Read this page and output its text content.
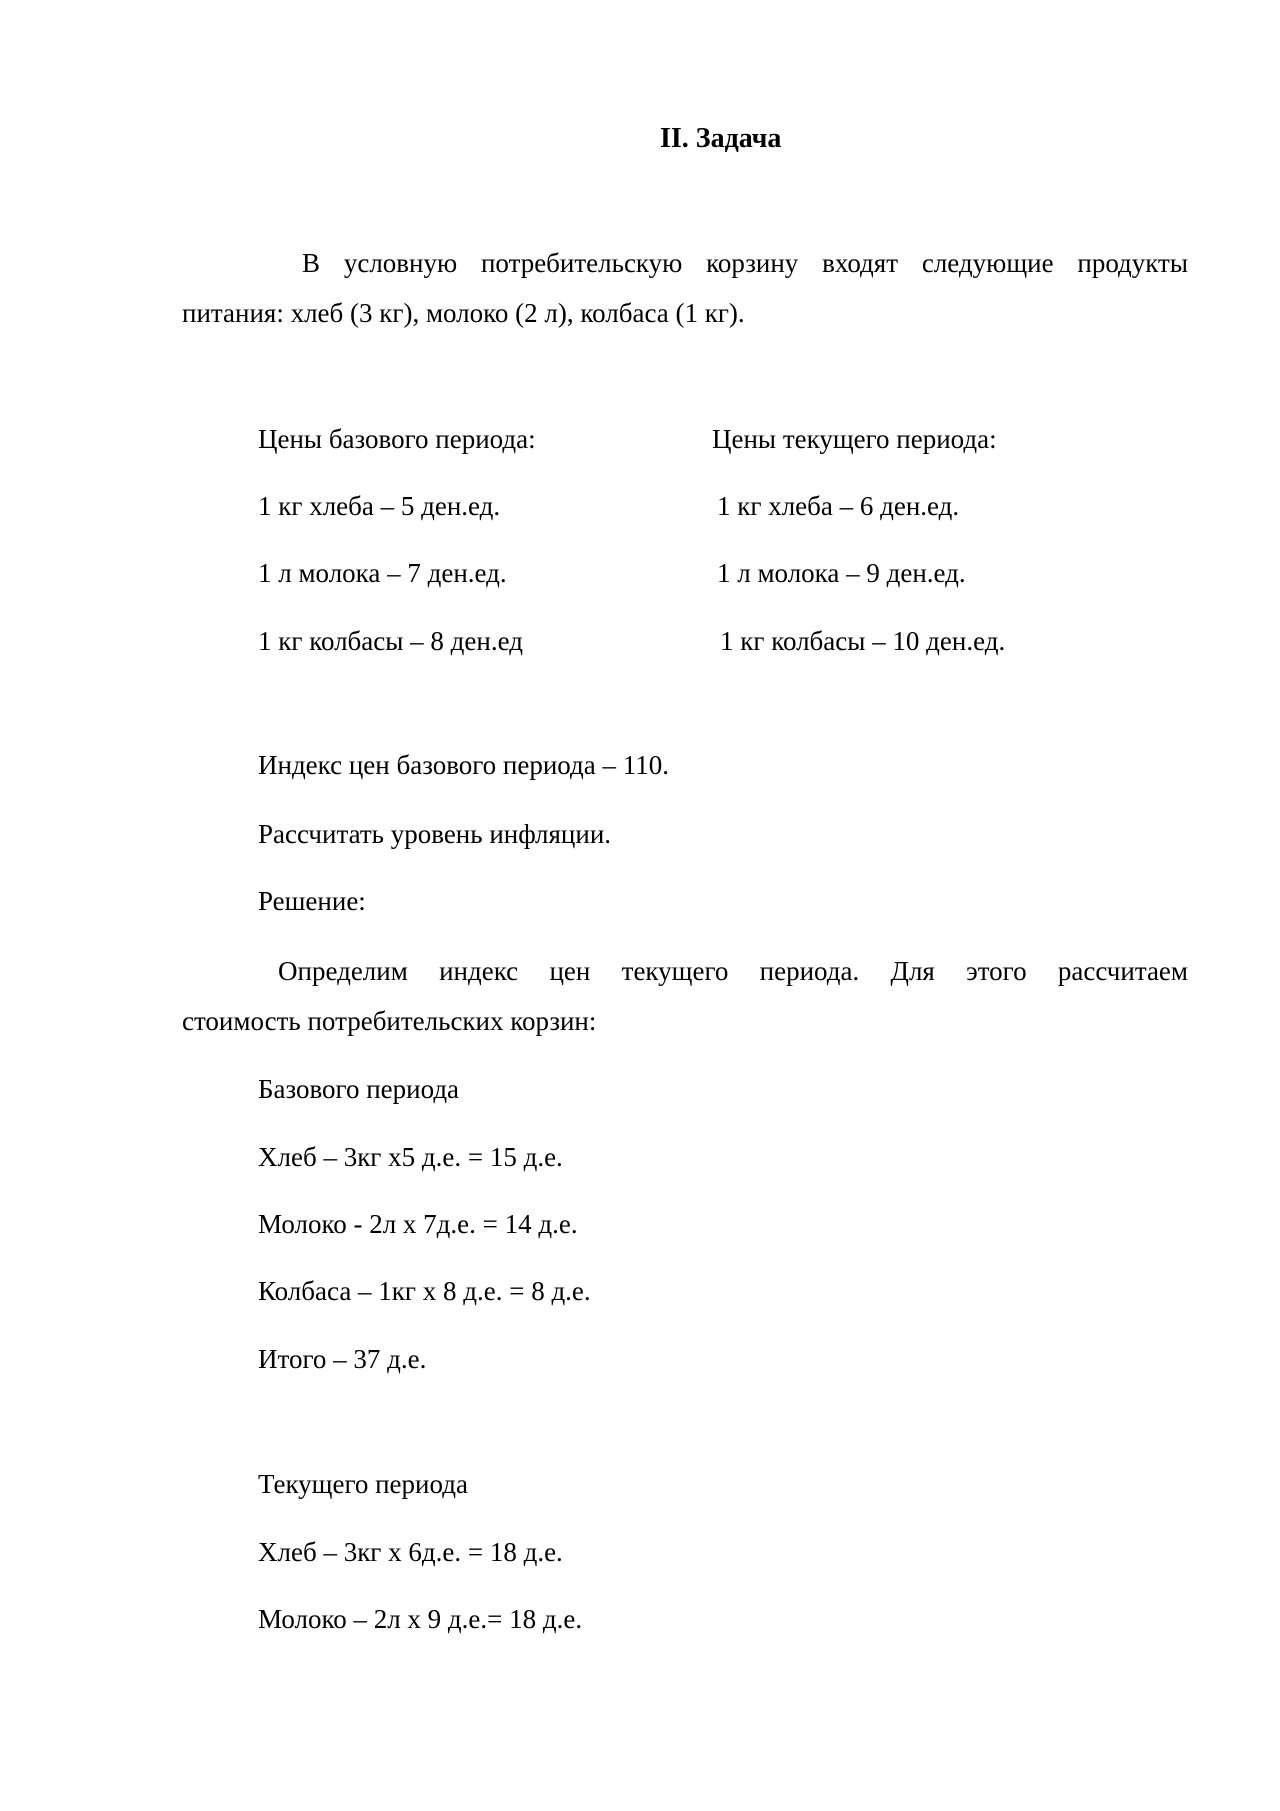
II. Задача
В условную потребительскую корзину входят следующие продукты
питания: хлеб (3 кг), молоко (2 л), колбаса (1 кг).
Цены базового периода:	Цены текущего периода:
1 кг хлеба – 5 ден.ед.	1 кг хлеба – 6 ден.ед.
1 л молока – 7 ден.ед.	1 л молока – 9 ден.ед.
1 кг колбасы – 8 ден.ед	1 кг колбасы – 10 ден.ед.
Индекс цен базового периода – 110.
Рассчитать уровень инфляции.
Решение:
Определим индекс цен текущего периода. Для этого рассчитаем
стоимость потребительских корзин:
Базового периода
Хлеб – 3кг х5 д.е. = 15 д.е.
Молоко - 2л х 7д.е. = 14 д.е.
Колбаса – 1кг х 8 д.е. = 8 д.е.
Итого – 37 д.е.
Текущего периода
Хлеб – 3кг х 6д.е. = 18 д.е.
Молоко – 2л х 9 д.е.= 18 д.е.
